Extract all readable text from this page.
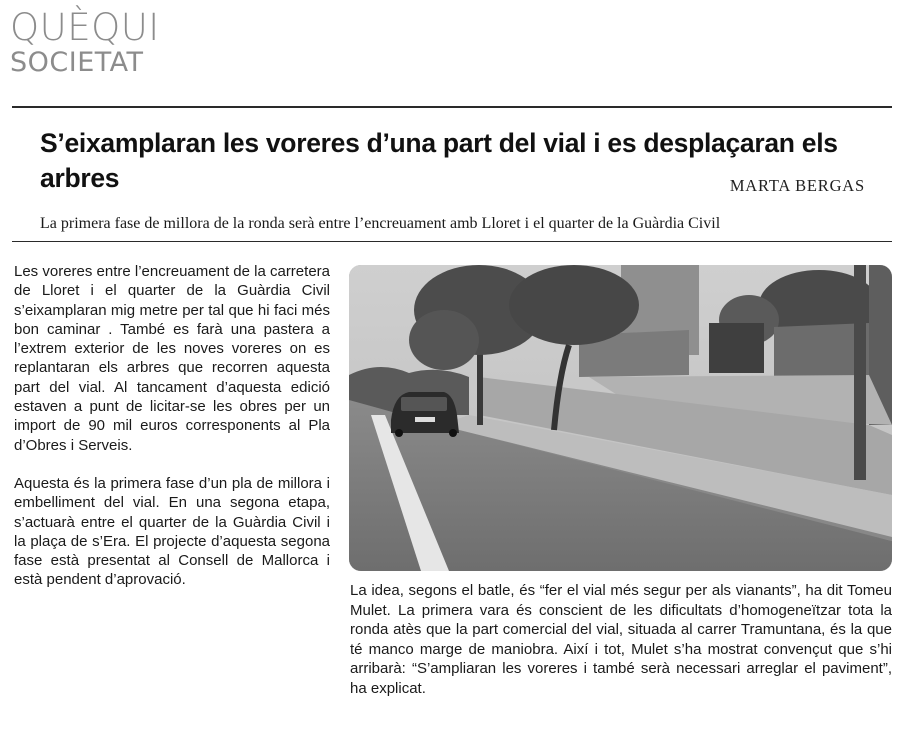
QUÈQUI
SOCIETAT
S’eixamplaran les voreres d’una part del vial i es desplaçaran els arbres	MARTA BERGAS
La primera fase de millora de la ronda serà entre l’encreuament amb Lloret i el quarter de la Guàrdia Civil

Les voreres entre l’encreuament de la carretera de Lloret i el quarter de la Guàrdia Civil s’eixamplaran mig metre per tal que hi faci més bon caminar . També es farà una pastera a l’extrem exterior de les noves voreres on es replantaran els arbres que recorren aquesta part del vial. Al tancament d’aquesta edició estaven a punt de licitar-se les obres per un import de 90 mil euros corresponents al Pla d’Obres i Serveis.

Aquesta és la primera fase d’un pla de millora i embelliment del vial. En una segona etapa, s’actuarà entre el quarter de la Guàrdia Civil i la plaça de s’Era. El projecte d’aquesta segona fase està presentat al Consell de Mallorca i està pendent d’aprovació.

La idea, segons el batle, és “fer el vial més segur per als vianants”, ha dit Tomeu Mulet. La primera vara és conscient de les dificultats d’homogeneïtzar tota la ronda atès que la part comercial del vial, situada al carrer Tramuntana, és la que té manco marge de maniobra. Així i tot, Mulet s’ha mostrat convençut que s’hi arribarà: “S’ampliaran les voreres i també serà necessari arreglar el paviment”, ha explicat.
